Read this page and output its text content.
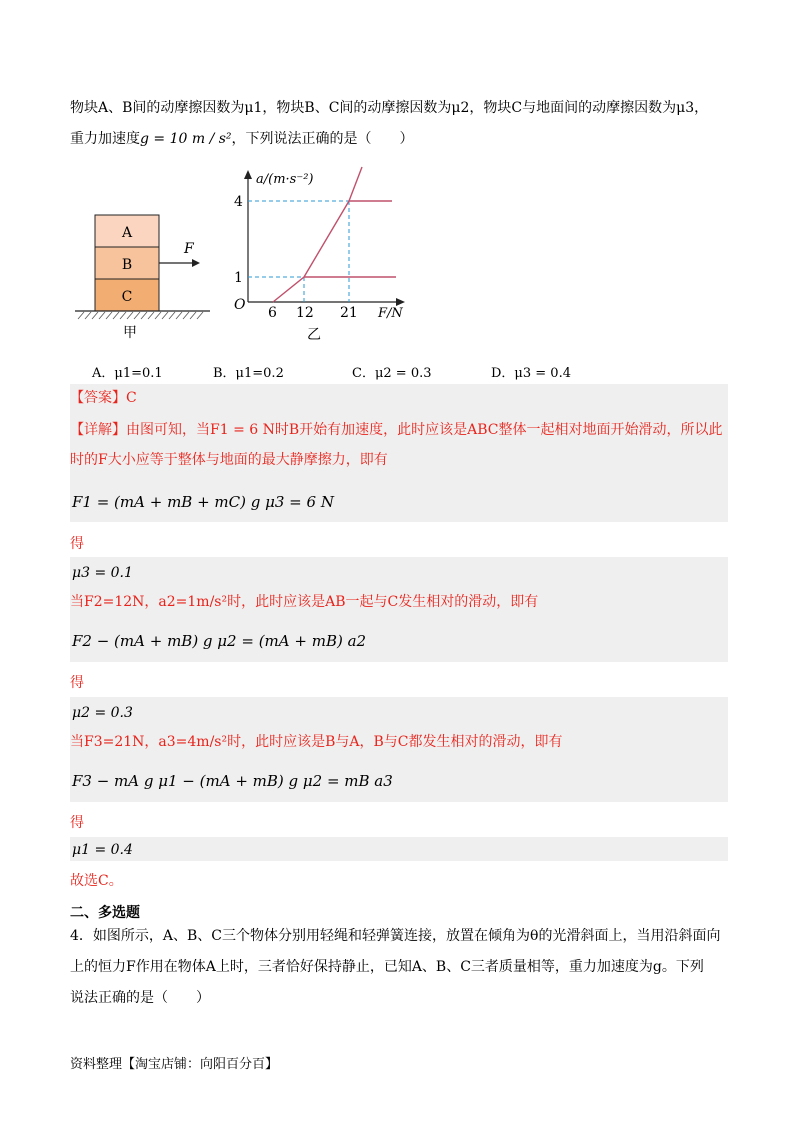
物块A、B间的动摩擦因数为μ1，物块B、C间的动摩擦因数为μ2，物块C与地面间的动摩擦因数为μ3，
重力加速度g = 10 m / s²，下列说法正确的是（　　）
A
B
C
F
甲
a/(m·s⁻²)
F/N
O
4
1
6 12 21
乙
A．μ1=0.1	B．μ1=0.2	C．μ2 = 0.3	D．μ3 = 0.4
【答案】C
【详解】由图可知，当F1 = 6 N时B开始有加速度，此时应该是ABC整体一起相对地面开始滑动，所以此
时的F大小应等于整体与地面的最大静摩擦力，即有
F1 = (mA + mB + mC) g μ3 = 6 N
得
μ3 = 0.1
当F2=12N，a2=1m/s²时，此时应该是AB一起与C发生相对的滑动，即有
F2 − (mA + mB) g μ2 = (mA + mB) a2
得
μ2 = 0.3
当F3=21N，a3=4m/s²时，此时应该是B与A，B与C都发生相对的滑动，即有
F3 − mA g μ1 − (mA + mB) g μ2 = mB a3
得
μ1 = 0.4
故选C。
二、多选题
4．如图所示，A、B、C三个物体分别用轻绳和轻弹簧连接，放置在倾角为θ的光滑斜面上，当用沿斜面向
上的恒力F作用在物体A上时，三者恰好保持静止，已知A、B、C三者质量相等，重力加速度为g。下列
说法正确的是（　　）
资料整理【淘宝店铺：向阳百分百】
